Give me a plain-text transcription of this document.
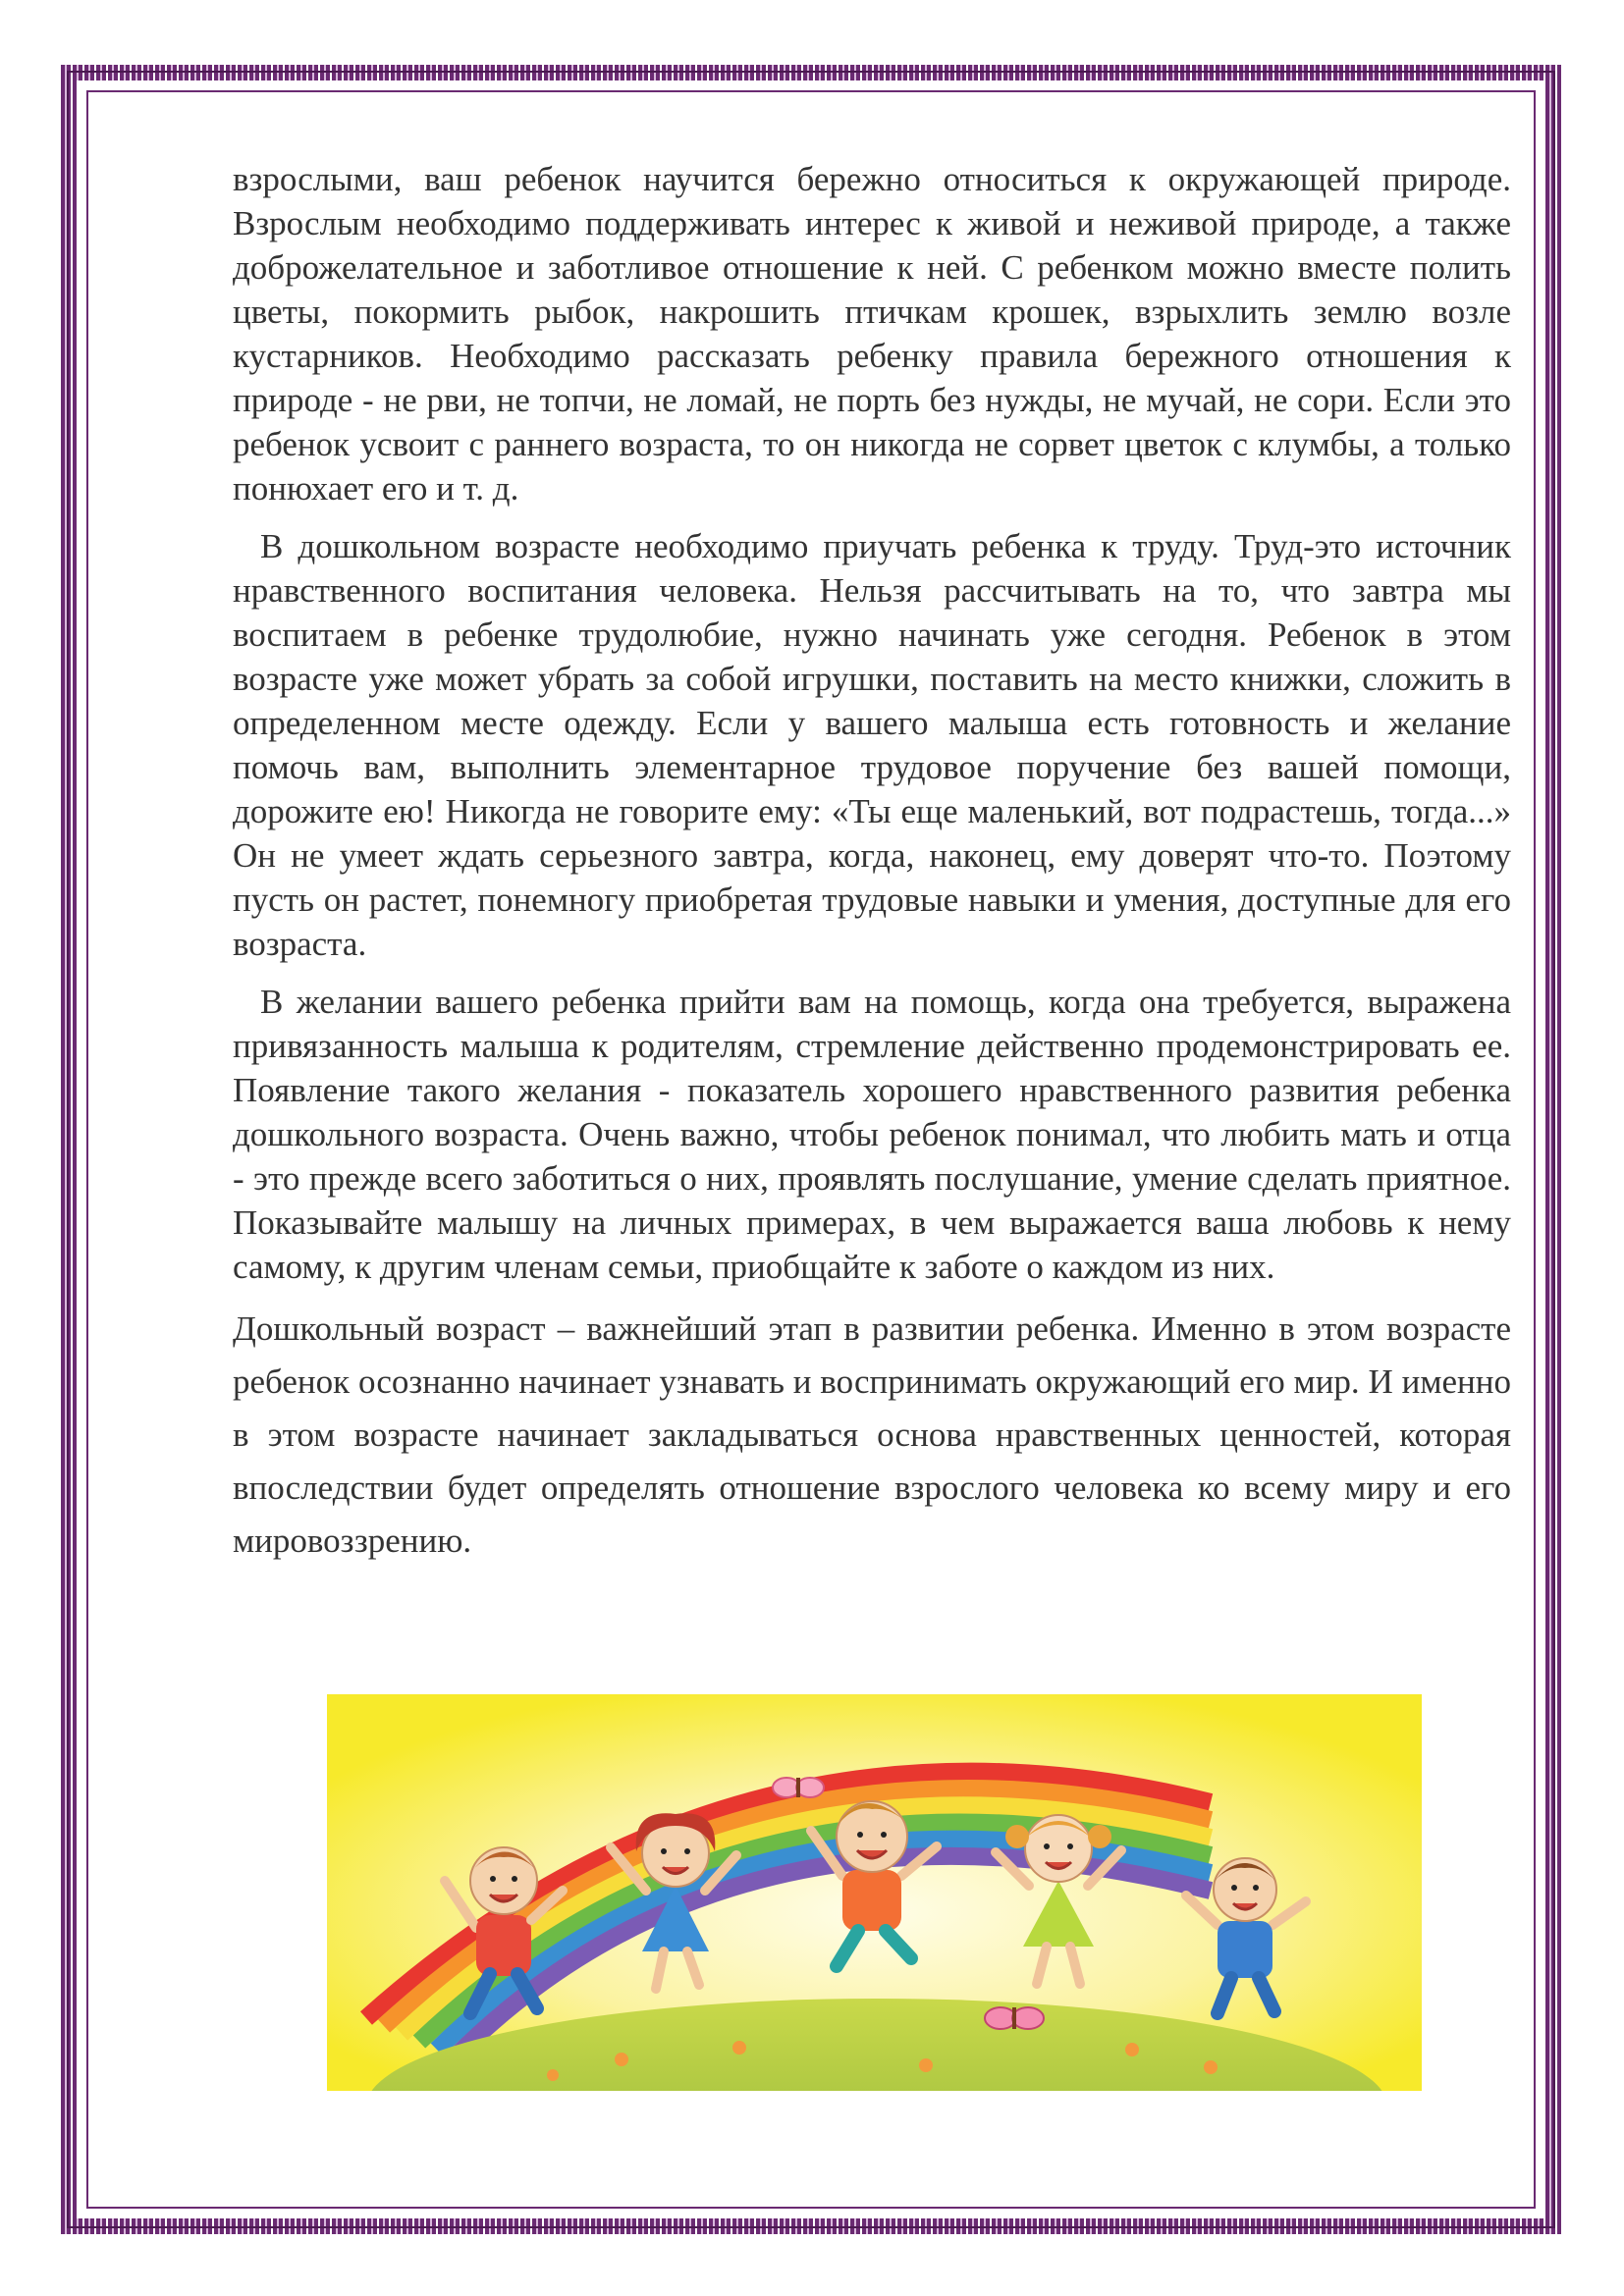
взрослыми, ваш ребенок научится бережно относиться к окружающей природе. Взрослым необходимо поддерживать интерес к живой и неживой природе, а также доброжелательное и заботливое отношение к ней. С ребенком можно вместе полить цветы, покормить рыбок, накрошить птичкам крошек, взрыхлить землю возле кустарников. Необходимо рассказать ребенку правила бережного отношения к природе - не рви, не топчи, не ломай, не порть без нужды, не мучай, не сори. Если это ребенок усвоит с раннего возраста, то он никогда не сорвет цветок с клумбы, а только понюхает его и т. д.

В дошкольном возрасте необходимо приучать ребенка к труду. Труд-это источник нравственного воспитания человека. Нельзя рассчитывать на то, что завтра мы воспитаем в ребенке трудолюбие, нужно начинать уже сегодня. Ребенок в этом возрасте уже может убрать за собой игрушки, поставить на место книжки, сложить в определенном месте одежду. Если у вашего малыша есть готовность и желание помочь вам, выполнить элементарное трудовое поручение без вашей помощи, дорожите ею! Никогда не говорите ему: «Ты еще маленький, вот подрастешь, тогда...» Он не умеет ждать серьезного завтра, когда, наконец, ему доверят что-то. Поэтому пусть он растет, понемногу приобретая трудовые навыки и умения, доступные для его возраста.

В желании вашего ребенка прийти вам на помощь, когда она требуется, выражена привязанность малыша к родителям, стремление действенно продемонстрировать ее. Появление такого желания - показатель хорошего нравственного развития ребенка дошкольного возраста. Очень важно, чтобы ребенок понимал, что любить мать и отца - это прежде всего заботиться о них, проявлять послушание, умение сделать приятное. Показывайте малышу на личных примерах, в чем выражается ваша любовь к нему самому, к другим членам семьи, приобщайте к заботе о каждом из них.

Дошкольный возраст – важнейший этап в развитии ребенка. Именно в этом возрасте ребенок осознанно начинает узнавать и воспринимать окружающий его мир. И именно в этом возрасте начинает закладываться основа нравственных ценностей, которая впоследствии будет определять отношение взрослого человека ко всему миру и его мировоззрению.
